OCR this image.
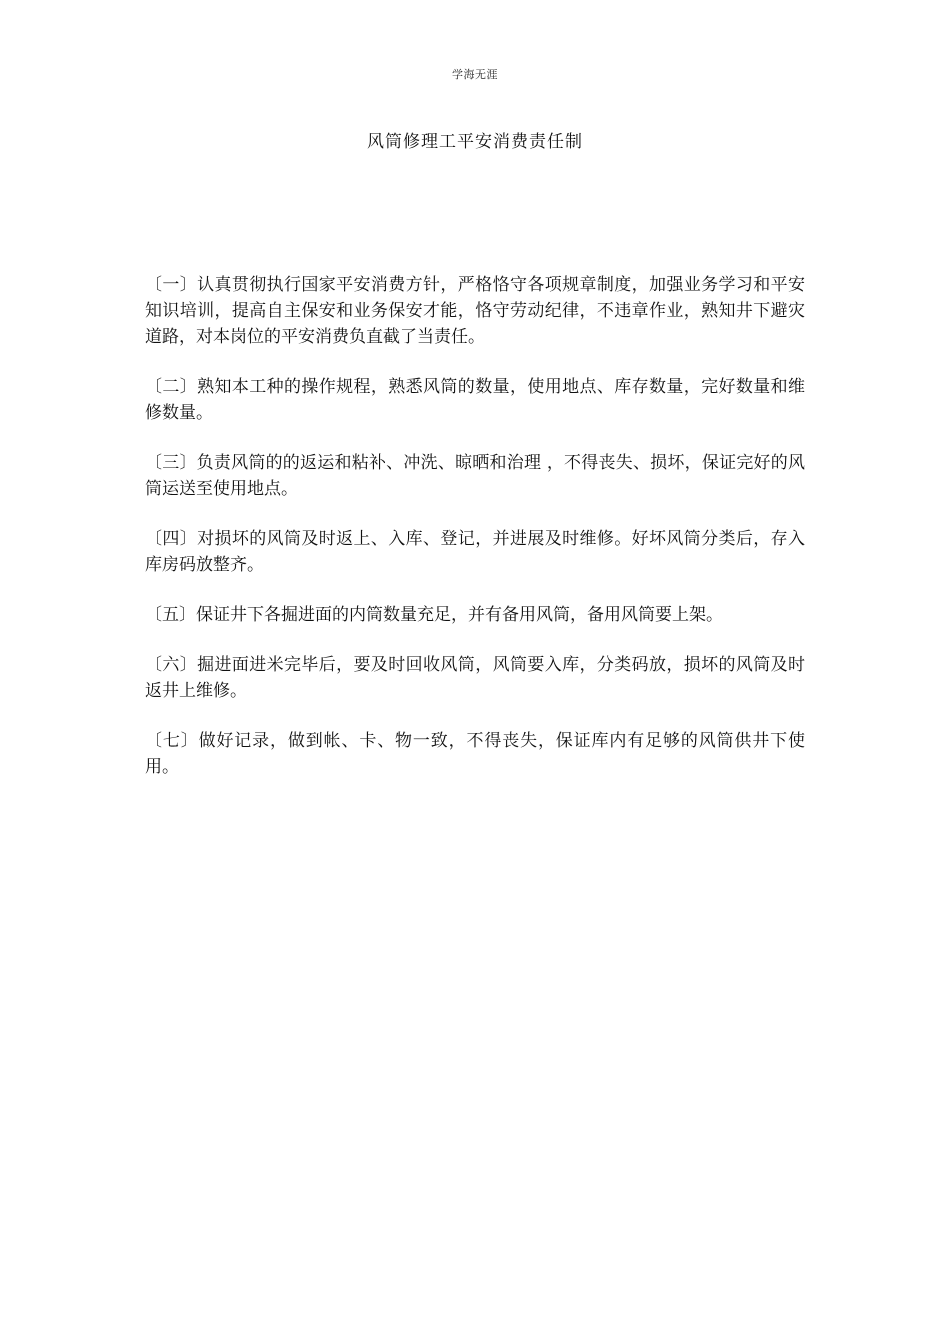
学海无涯
风筒修理工平安消费责任制

〔一〕认真贯彻执行国家平安消费方针，严格恪守各项规章制度，加强业务学习和平安知识培训，提高自主保安和业务保安才能，恪守劳动纪律，不违章作业，熟知井下避灾道路，对本岗位的平安消费负直截了当责任。

〔二〕熟知本工种的操作规程，熟悉风筒的数量，使用地点、库存数量，完好数量和维修数量。

〔三〕负责风筒的的返运和粘补、冲洗、晾晒和治理 ，不得丧失、损坏，保证完好的风筒运送至使用地点。

〔四〕对损坏的风筒及时返上、入库、登记，并进展及时维修。好坏风筒分类后，存入库房码放整齐。

〔五〕保证井下各掘进面的内筒数量充足，并有备用风筒，备用风筒要上架。

〔六〕掘进面进米完毕后，要及时回收风筒，风筒要入库，分类码放，损坏的风筒及时返井上维修。

〔七〕做好记录，做到帐、卡、物一致，不得丧失，保证库内有足够的风筒供井下使用。
